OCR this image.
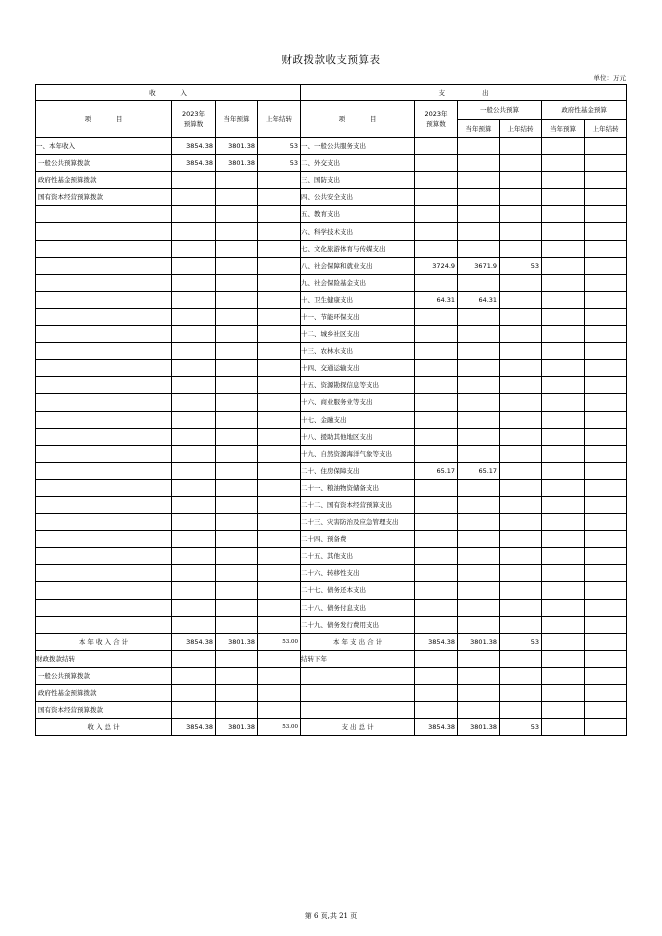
财政拨款收支预算表
单位：万元
收            入				支                  出					
项            目	2023年预算数	当年预算	上年结转	项            目	2023年预算数	一般公共预算		政府性基金预算	
						当年预算	上年结转	当年预算	上年结转
一、本年收入	3854.38	3801.38	53	一、一般公共服务支出					
一般公共预算拨款	3854.38	3801.38	53	二、外交支出					
政府性基金预算拨款				三、国防支出					
国有资本经营预算拨款				四、公共安全支出					
				五、教育支出					
				六、科学技术支出					
				七、文化旅游体育与传媒支出					
				八、社会保障和就业支出	3724.9	3671.9	53		
				九、社会保险基金支出					
				十、卫生健康支出	64.31	64.31			
				十一、节能环保支出					
				十二、城乡社区支出					
				十三、农林水支出					
				十四、交通运输支出					
				十五、资源勘探信息等支出					
				十六、商业服务业等支出					
				十七、金融支出					
				十八、援助其他地区支出					
				十九、自然资源海洋气象等支出					
				二十、住房保障支出	65.17	65.17			
				二十一、粮油物资储备支出					
				二十二、国有资本经营预算支出					
				二十三、灾害防治及应急管理支出					
				二十四、预备费					
				二十五、其他支出					
				二十六、转移性支出					
				二十七、债务还本支出					
				二十八、债务付息支出					
				二十九、债务发行费用支出					
本 年 收 入 合 计	3854.38	3801.38	53.00	本 年 支 出 合 计	3854.38	3801.38	53		
财政拨款结转				结转下年					
一般公共预算拨款									
政府性基金预算拨款									
国有资本经营预算拨款									
收 入 总 计	3854.38	3801.38	53.00	支 出 总 计	3854.38	3801.38	53		
第 6 页,共 21 页
